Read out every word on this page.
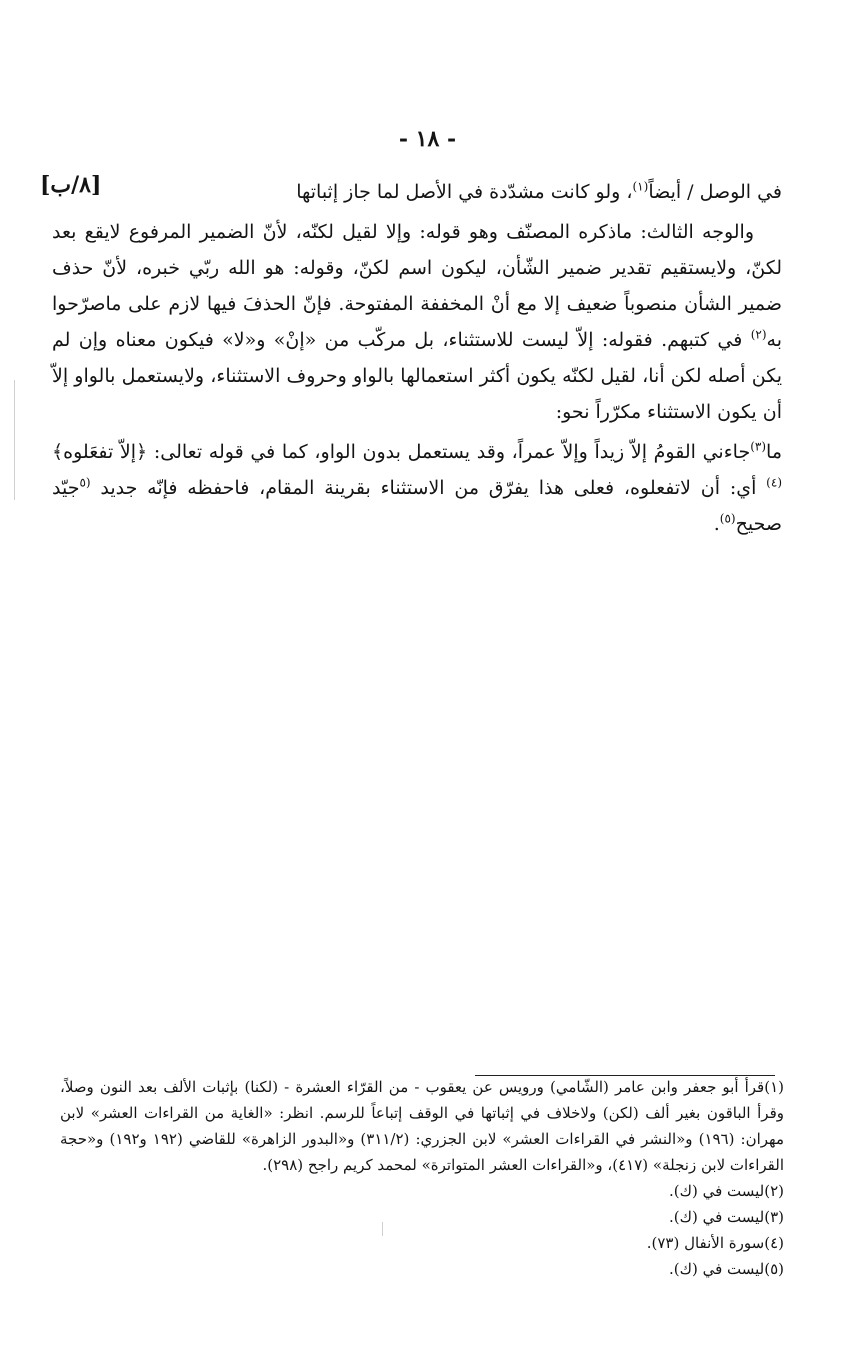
- ١٨ -
[٨/ب]	في الوصل / أيضاً$^{(١)}$، ولو كانت مشدّدة في الأصل لما جاز إثباتها

والوجه الثالث: ماذكره المصنّف وهو قوله: وإلا لقيل لكنّه، لأنّ الضمير المرفوع لايقع بعد لكنّ، ولايستقيم تقدير ضمير الشّأن، ليكون اسم لكنّ، وقوله: هو الله ربّي خبره، لأنّ حذف ضمير الشأن منصوباً ضعيف إلا مع أنْ المخففة المفتوحة. فإنّ الحذفَ فيها لازم على ماصرّحوا به$^{(٢)}$ في كتبهم. فقوله: إلاّ ليست للاستثناء، بل مركّب من «إنْ» و«لا» فيكون معناه وإن لم يكن أصله لكن أنا، لقيل لكنّه يكون أكثر استعمالها بالواو وحروف الاستثناء، ولايستعمل بالواو إلاّ أن يكون الاستثناء مكرّراً نحو:

ما$^{(٣)}$جاءني القومُ إلاّ زيداً وإلاّ عمراً، وقد يستعمل بدون الواو، كما في قوله تعالى: ﴿إلاّ تفعَلوه﴾$^{(٤)}$ أي: أن لاتفعلوه، فعلى هذا يفرّق من الاستثناء بقرينة المقام، فاحفظه فإنّه جديد $^{(٥}$جيّد صحيح$^{(٥)}$.

(١)قرأ أبو جعفر وابن عامر (الشّامي) ورويس عن يعقوب - من القرّاء العشرة - (لكنا) بإثبات الألف بعد النون وصلاً، وقرأ الباقون بغير ألف (لكن) ولاخلاف في إثباتها في الوقف إتباعاً للرسم. انظر: «الغاية من القراءات العشر» لابن مهران: (١٩٦) و«النشر في القراءات العشر» لابن الجزري: (٣١١/٢) و«البدور الزاهرة» للقاضي (١٩٢ و١٩٢) و«حجة القراءات لابن زنجلة» (٤١٧)، و«القراءات العشر المتواترة» لمحمد كريم راجح (٢٩٨).

(٢)ليست في (ك).

(٣)ليست في (ك).

(٤)سورة الأنفال (٧٣).

(٥)ليست في (ك).
